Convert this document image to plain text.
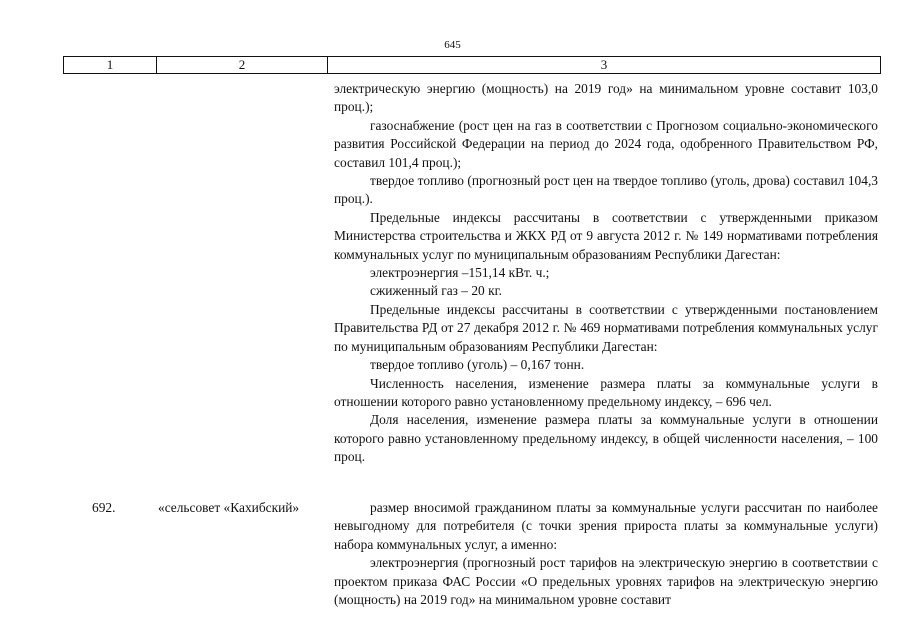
645
1	2	3

электрическую энергию (мощность) на 2019 год» на минимальном уровне составит 103,0 проц.);

газоснабжение (рост цен на газ в соответствии с Прогнозом социально-экономического развития Российской Федерации на период до 2024 года, одобренного Правительством РФ, составил 101,4 проц.);

твердое топливо (прогнозный рост цен на твердое топливо (уголь, дрова) составил 104,3 проц.).

Предельные индексы рассчитаны в соответствии с утвержденными приказом Министерства строительства и ЖКХ РД от 9 августа 2012 г. № 149 нормативами потребления коммунальных услуг по муниципальным образованиям Республики Дагестан:

электроэнергия –151,14 кВт. ч.;

сжиженный газ – 20 кг.

Предельные индексы рассчитаны в соответствии с утвержденными постановлением Правительства РД от 27 декабря 2012 г. № 469 нормативами потребления коммунальных услуг по муниципальным образованиям Республики Дагестан:

твердое топливо (уголь) – 0,167 тонн.

Численность населения, изменение размера платы за коммунальные услуги в отношении которого равно установленному предельному индексу, – 696 чел.

Доля населения, изменение размера платы за коммунальные услуги в отношении которого равно установленному предельному индексу, в общей численности населения, – 100 проц.

692.	«сельсовет «Кахибский»	размер вносимой гражданином платы за коммунальные услуги рассчитан по наиболее невыгодному для потребителя (с точки зрения прироста платы за коммунальные услуги) набора коммунальных услуг, а именно:

электроэнергия (прогнозный рост тарифов на электрическую энергию в соответствии с проектом приказа ФАС России «О предельных уровнях тарифов на электрическую энергию (мощность) на 2019 год» на минимальном уровне составит
